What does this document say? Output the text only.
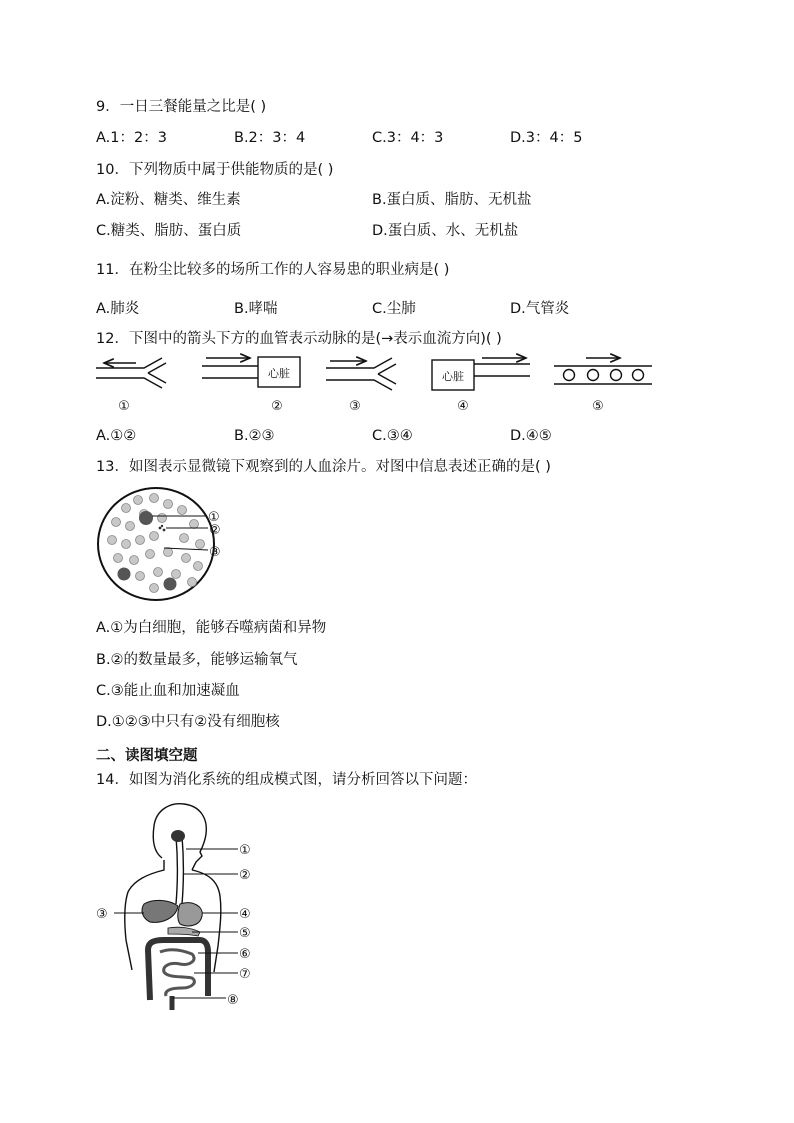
9．一日三餐能量之比是( )
A.1：2：3	B.2：3：4	C.3：4：3	D.3：4：5
10．下列物质中属于供能物质的是( )
A.淀粉、糖类、维生素	B.蛋白质、脂肪、无机盐
C.糖类、脂肪、蛋白质	D.蛋白质、水、无机盐
11．在粉尘比较多的场所工作的人容易患的职业病是( )
A.肺炎	B.哮喘	C.尘肺	D.气管炎
12．下图中的箭头下方的血管表示动脉的是(→表示血流方向)( )
心脏	心脏
①	②	③	④	⑤
A.①②	B.②③	C.③④	D.④⑤
13．如图表示显微镜下观察到的人血涂片。对图中信息表述正确的是( )
①
②
③
A.①为白细胞，能够吞噬病菌和异物
B.②的数量最多，能够运输氧气
C.③能止血和加速凝血
D.①②③中只有②没有细胞核
二、读图填空题
14．如图为消化系统的组成模式图，请分析回答以下问题：
①
②
③	④
⑤
⑥
⑦
⑧
